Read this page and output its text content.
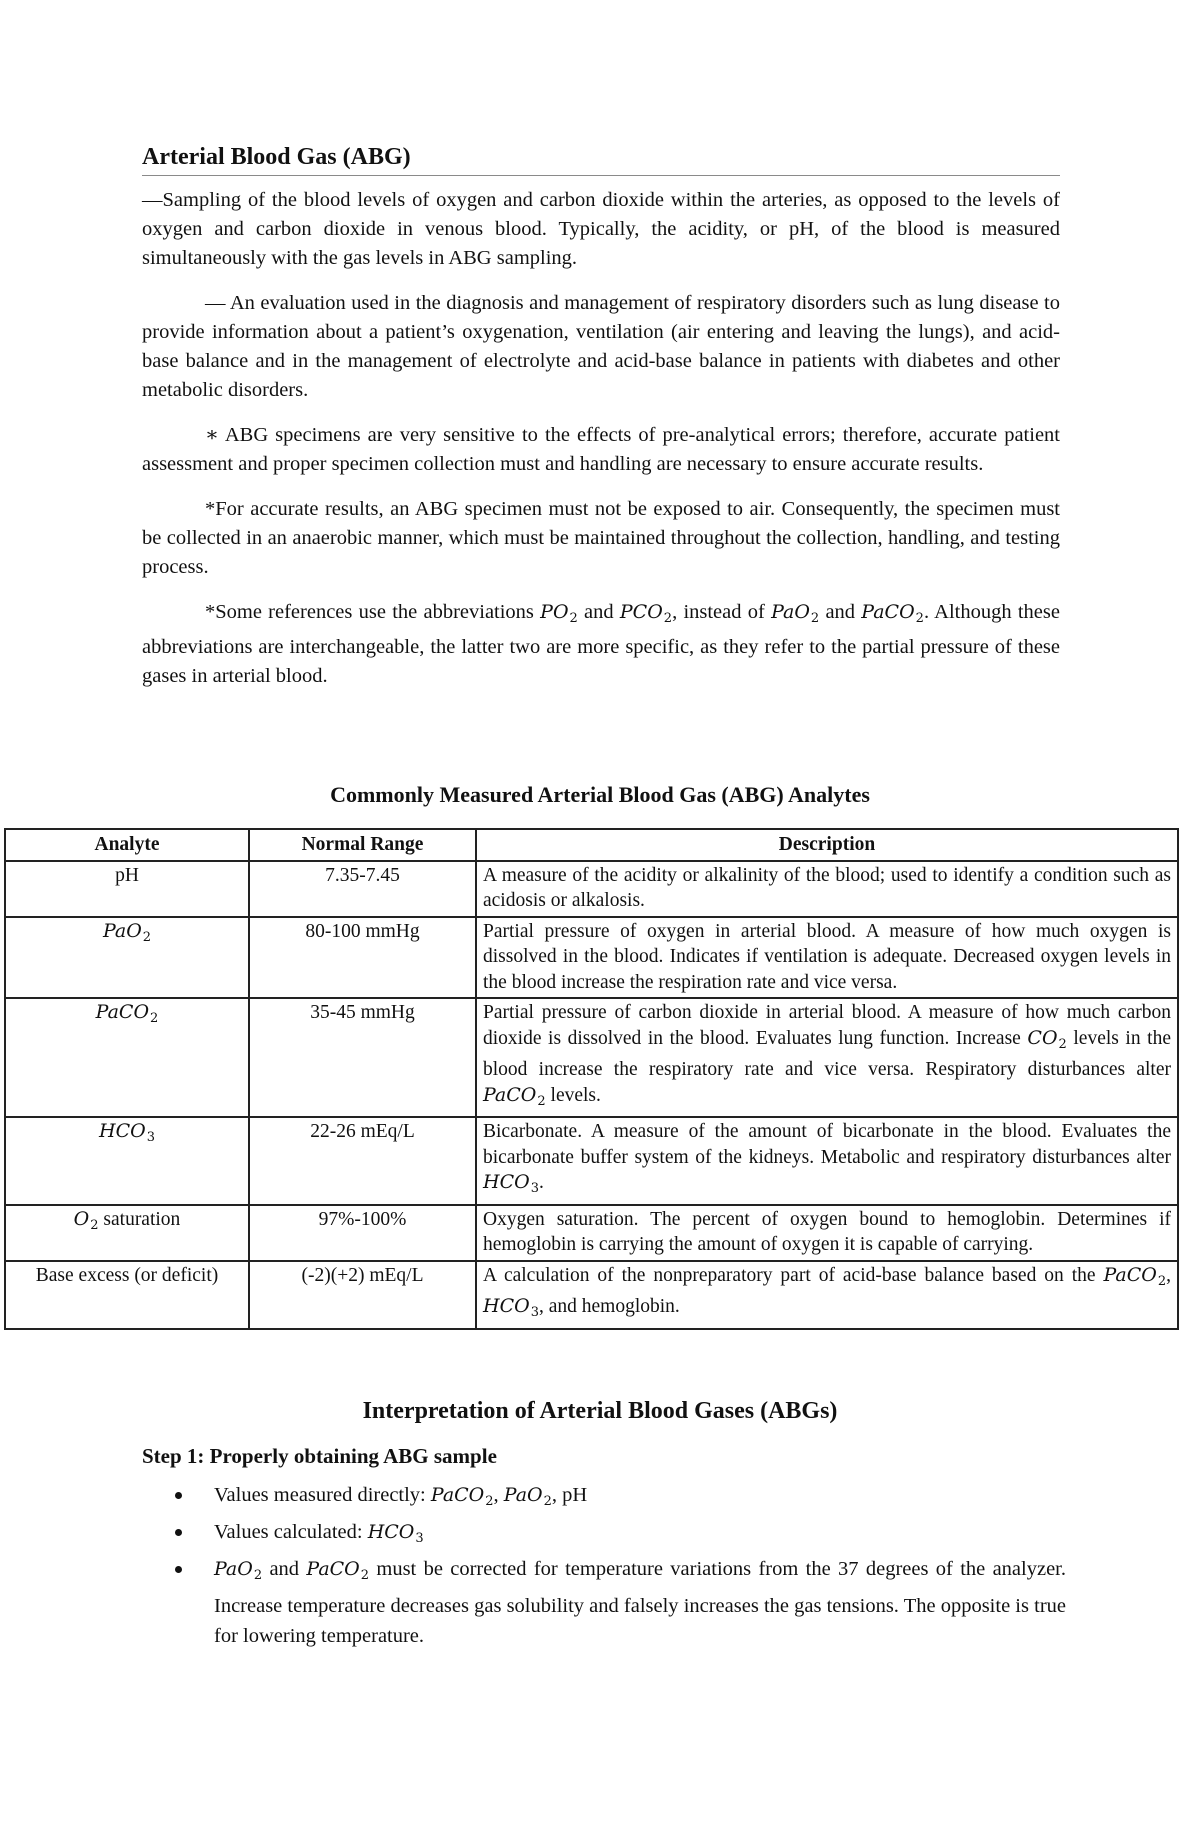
Arterial Blood Gas (ABG)

—Sampling of the blood levels of oxygen and carbon dioxide within the arteries, as opposed to the levels of oxygen and carbon dioxide in venous blood. Typically, the acidity, or pH, of the blood is measured simultaneously with the gas levels in ABG sampling.

— An evaluation used in the diagnosis and management of respiratory disorders such as lung disease to provide information about a patient’s oxygenation, ventilation (air entering and leaving the lungs), and acid- base balance and in the management of electrolyte and acid-base balance in patients with diabetes and other metabolic disorders.

∗ ABG specimens are very sensitive to the effects of pre-analytical errors; therefore, accurate patient assessment and proper specimen collection must and handling are necessary to ensure accurate results.

*For accurate results, an ABG specimen must not be exposed to air. Consequently, the specimen must be collected in an anaerobic manner, which must be maintained throughout the collection, handling, and testing process.

*Some references use the abbreviations $PO_2$ and $PCO_2$, instead of PaO$_2$ and PaCO$_2$. Although these abbreviations are interchangeable, the latter two are more specific, as they refer to the partial pressure of these gases in arterial blood.

Commonly Measured Arterial Blood Gas (ABG) Analytes
Analyte	Normal Range	Description
pH	7.35-7.45	A measure of the acidity or alkalinity of the blood; used to identify a condition such as acidosis or alkalosis.
PaO$_2$	80-100 mmHg	Partial pressure of oxygen in arterial blood. A measure of how much oxygen is dissolved in the blood. Indicates if ventilation is adequate. Decreased oxygen levels in the blood increase the respiration rate and vice versa.
PaCO$_2$	35-45 mmHg	Partial pressure of carbon dioxide in arterial blood. A measure of how much carbon dioxide is dissolved in the blood. Evaluates lung function. Increase $CO_2$ levels in the blood increase the respiratory rate and vice versa. Respiratory disturbances alter PaCO$_2$ levels.
$HCO_3$	22-26 mEq/L	Bicarbonate. A measure of the amount of bicarbonate in the blood. Evaluates the bicarbonate buffer system of the kidneys. Metabolic and respiratory disturbances alter $HCO_3$.
$O_2$ saturation	97%-100%	Oxygen saturation. The percent of oxygen bound to hemoglobin. Determines if hemoglobin is carrying the amount of oxygen it is capable of carrying.
Base excess (or deficit)	(-2)(+2) mEq/L	A calculation of the nonpreparatory part of acid-base balance based on the PaCO$_2$, $HCO_3$, and hemoglobin.
Interpretation of Arterial Blood Gases (ABGs)
Step 1: Properly obtaining ABG sample
Values measured directly: PaCO$_2$, PaO$_2$, pH
Values calculated: $HCO_3$
PaO$_2$ and PaCO$_2$ must be corrected for temperature variations from the 37 degrees of the analyzer. Increase temperature decreases gas solubility and falsely increases the gas tensions. The opposite is true for lowering temperature.
